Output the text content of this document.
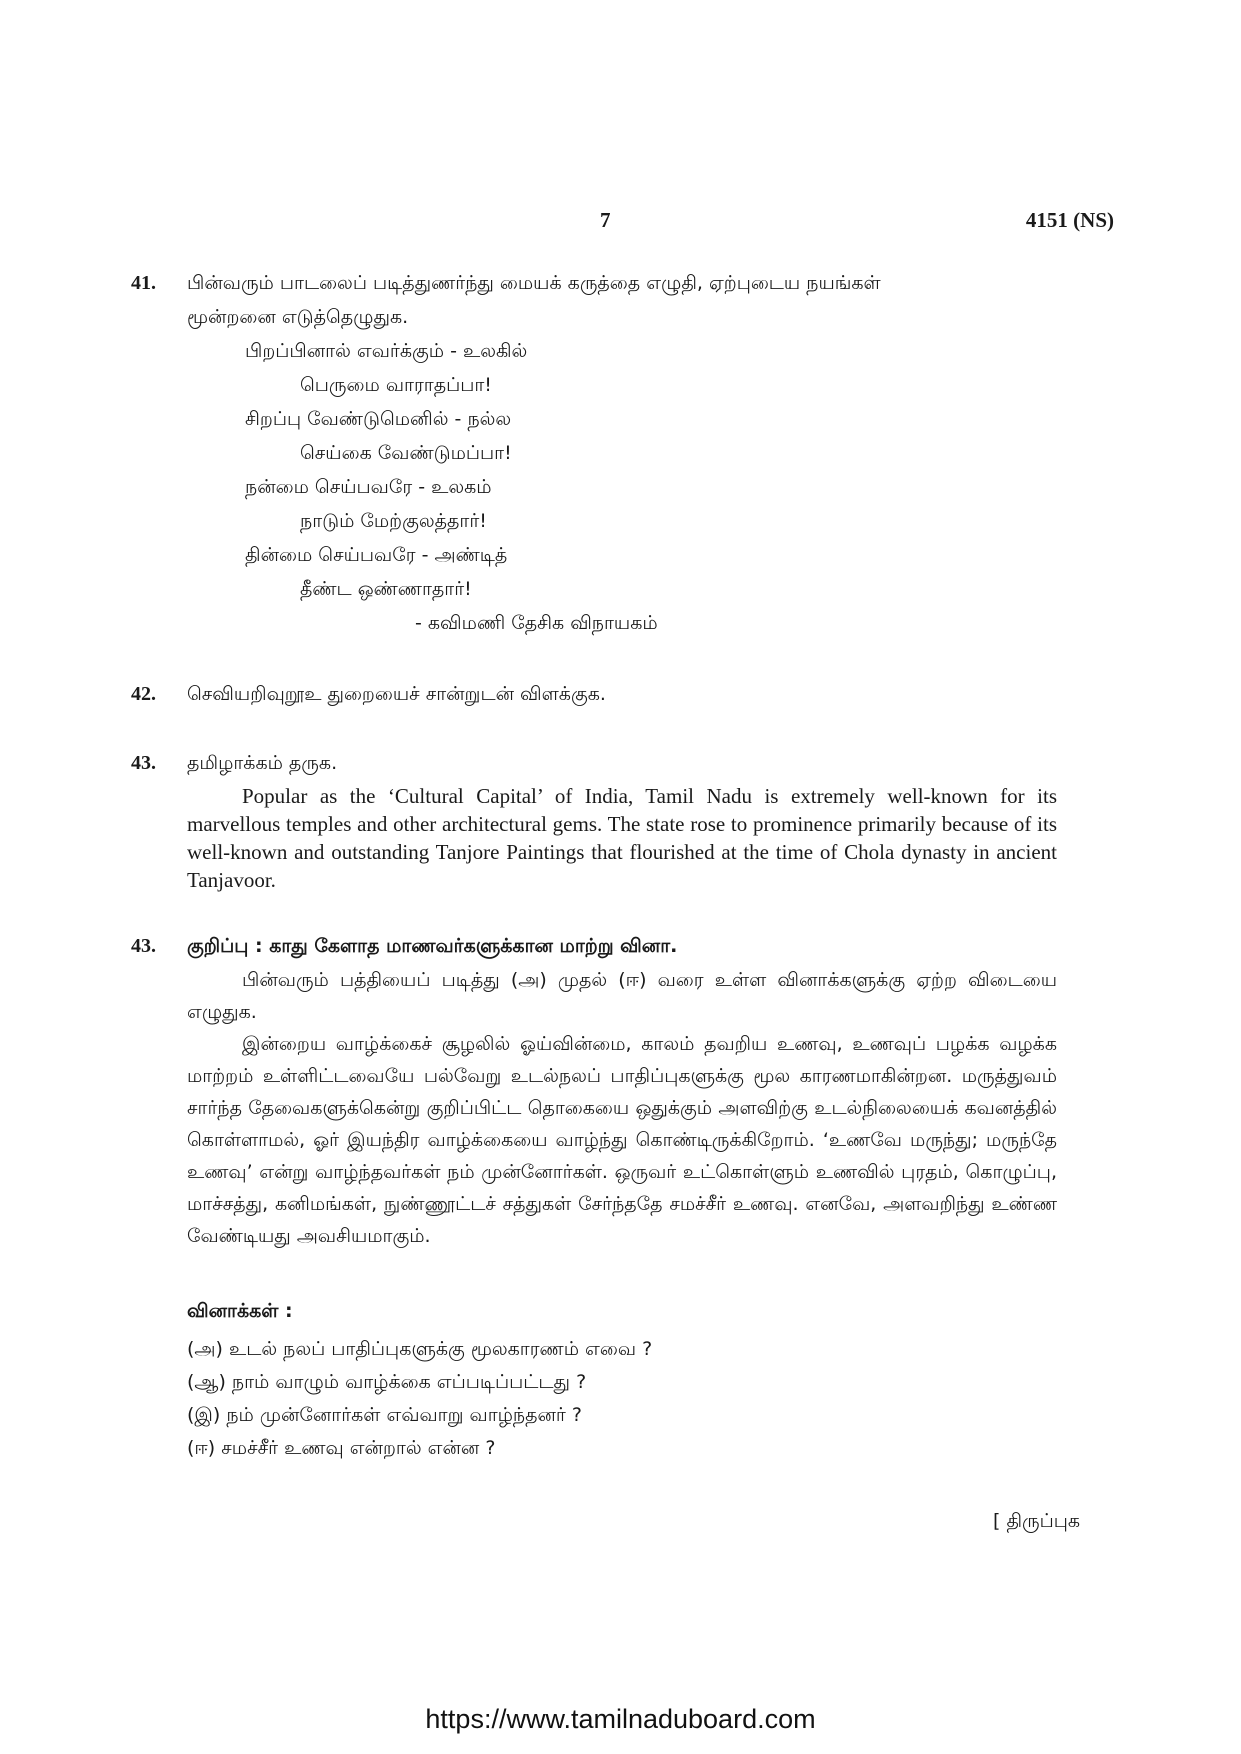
7	4151 (NS)
41. பின்வரும் பாடலைப் படித்துணர்ந்து மையக் கருத்தை எழுதி, ஏற்புடைய நயங்கள்
மூன்றனை எடுத்தெழுதுக.
பிறப்பினால் எவர்க்கும் - உலகில்
பெருமை வாராதப்பா!
சிறப்பு வேண்டுமெனில் - நல்ல
செய்கை வேண்டுமப்பா!
நன்மை செய்பவரே - உலகம்
நாடும் மேற்குலத்தார்!
தின்மை செய்பவரே - அண்டித்
தீண்ட ஒண்ணாதார்!
- கவிமணி தேசிக விநாயகம்
42. செவியறிவுறூஉ துறையைச் சான்றுடன் விளக்குக.
43. தமிழாக்கம் தருக.
Popular as the ‘Cultural Capital’ of India, Tamil Nadu is extremely well-known for its marvellous temples and other architectural gems. The state rose to prominence primarily because of its well-known and outstanding Tanjore Paintings that flourished at the time of Chola dynasty in ancient Tanjavoor.
43. குறிப்பு : காது கேளாத மாணவர்களுக்கான மாற்று வினா.

பின்வரும் பத்தியைப் படித்து (அ) முதல் (ஈ) வரை உள்ள வினாக்களுக்கு ஏற்ற விடையை எழுதுக.

இன்றைய வாழ்க்கைச் சூழலில் ஓய்வின்மை, காலம் தவறிய உணவு, உணவுப் பழக்க வழக்க மாற்றம் உள்ளிட்டவையே பல்வேறு உடல்நலப் பாதிப்புகளுக்கு மூல காரணமாகின்றன. மருத்துவம் சார்ந்த தேவைகளுக்கென்று குறிப்பிட்ட தொகையை ஒதுக்கும் அளவிற்கு உடல்நிலையைக் கவனத்தில் கொள்ளாமல், ஓர் இயந்திர வாழ்க்கையை வாழ்ந்து கொண்டிருக்கிறோம். ‘உணவே மருந்து; மருந்தே உணவு’ என்று வாழ்ந்தவர்கள் நம் முன்னோர்கள். ஒருவர் உட்கொள்ளும் உணவில் புரதம், கொழுப்பு, மாச்சத்து, கனிமங்கள், நுண்ணூட்டச் சத்துகள் சேர்ந்ததே சமச்சீர் உணவு. எனவே, அளவறிந்து உண்ண வேண்டியது அவசியமாகும்.

வினாக்கள் :
(அ) உடல் நலப் பாதிப்புகளுக்கு மூலகாரணம் எவை ?
(ஆ) நாம் வாழும் வாழ்க்கை எப்படிப்பட்டது ?
(இ) நம் முன்னோர்கள் எவ்வாறு வாழ்ந்தனர் ?
(ஈ) சமச்சீர் உணவு என்றால் என்ன ?
[ திருப்புக
https://www.tamilnaduboard.com
